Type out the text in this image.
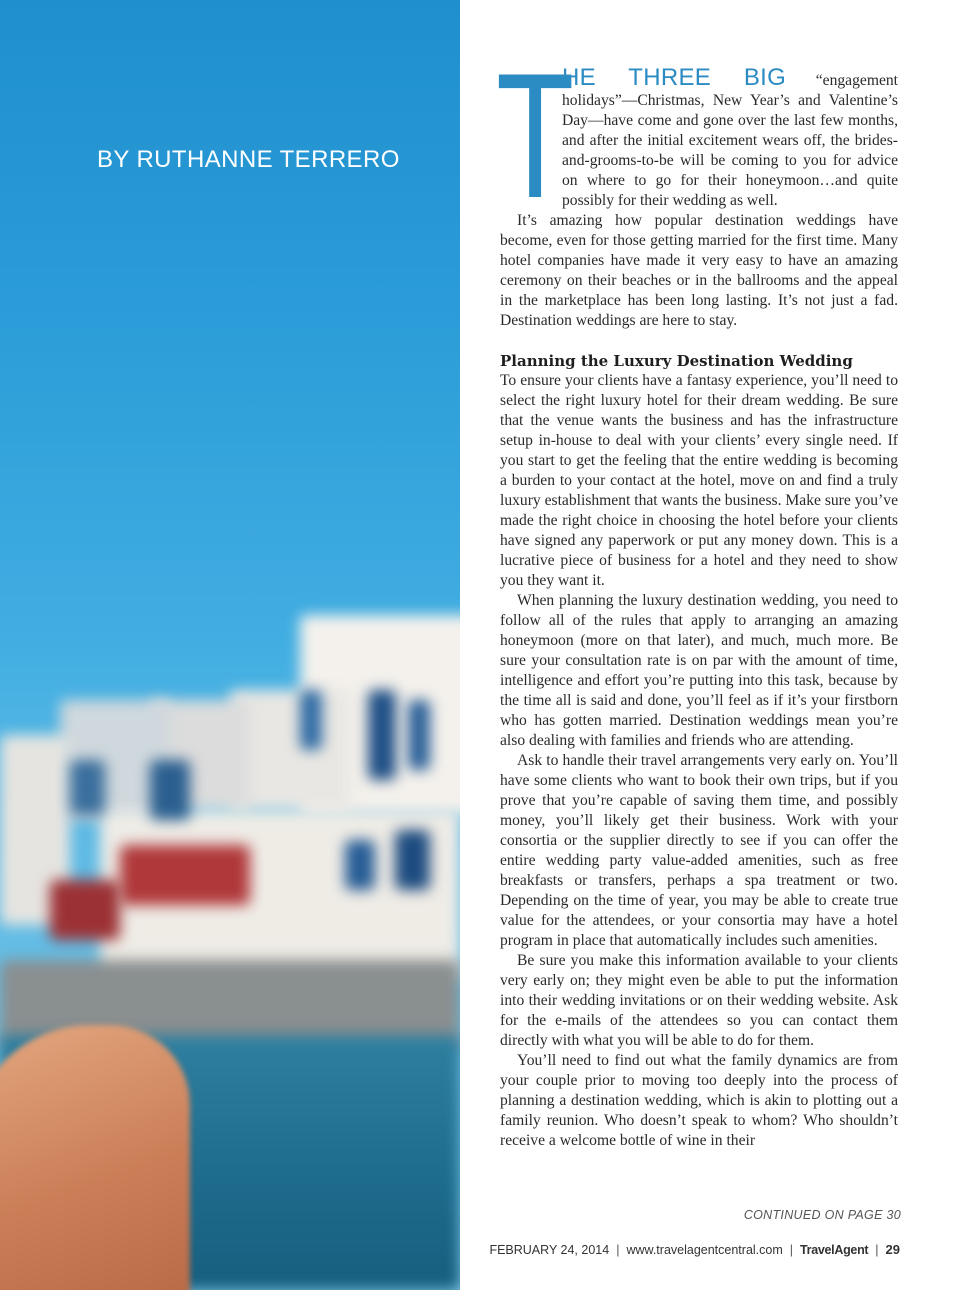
BY RUTHANNE TERRERO T

HE THREE BIG “engagement holidays”—Christmas, New Year’s and Valentine’s Day—have come and gone over the last few months, and after the initial excitement wears off, the brides-and-grooms-to-be will be coming to you for advice on where to go for their honeymoon…and quite possibly for their wedding as well.

It’s amazing how popular destination weddings have become, even for those getting married for the first time. Many hotel companies have made it very easy to have an amazing ceremony on their beaches or in the ballrooms and the appeal in the marketplace has been long lasting. It’s not just a fad. Destination weddings are here to stay.

Planning the Luxury Destination Wedding

To ensure your clients have a fantasy experience, you’ll need to select the right luxury hotel for their dream wedding. Be sure that the venue wants the business and has the infrastructure setup in-house to deal with your clients’ every single need. If you start to get the feeling that the entire wedding is becoming a burden to your contact at the hotel, move on and find a truly luxury establishment that wants the business. Make sure you’ve made the right choice in choosing the hotel before your clients have signed any paperwork or put any money down. This is a lucrative piece of business for a hotel and they need to show you they want it.

When planning the luxury destination wedding, you need to follow all of the rules that apply to arranging an amazing honeymoon (more on that later), and much, much more. Be sure your consultation rate is on par with the amount of time, intelligence and effort you’re putting into this task, because by the time all is said and done, you’ll feel as if it’s your firstborn who has gotten married. Destination weddings mean you’re also dealing with families and friends who are attending.

Ask to handle their travel arrangements very early on. You’ll have some clients who want to book their own trips, but if you prove that you’re capable of saving them time, and possibly money, you’ll likely get their business. Work with your consortia or the supplier directly to see if you can offer the entire wedding party value-added amenities, such as free breakfasts or transfers, perhaps a spa treatment or two. Depending on the time of year, you may be able to create true value for the attendees, or your consortia may have a hotel program in place that automatically includes such amenities.

Be sure you make this information available to your clients very early on; they might even be able to put the information into their wedding invitations or on their wedding website. Ask for the e-mails of the attendees so you can contact them directly with what you will be able to do for them.

You’ll need to find out what the family dynamics are from your couple prior to moving too deeply into the process of planning a destination wedding, which is akin to plotting out a family reunion. Who doesn’t speak to whom? Who shouldn’t receive a welcome bottle of wine in their

CONTINUED ON PAGE 30
FEBRUARY 24, 2014 | www.travelagentcentral.com | TravelAgent | 29
